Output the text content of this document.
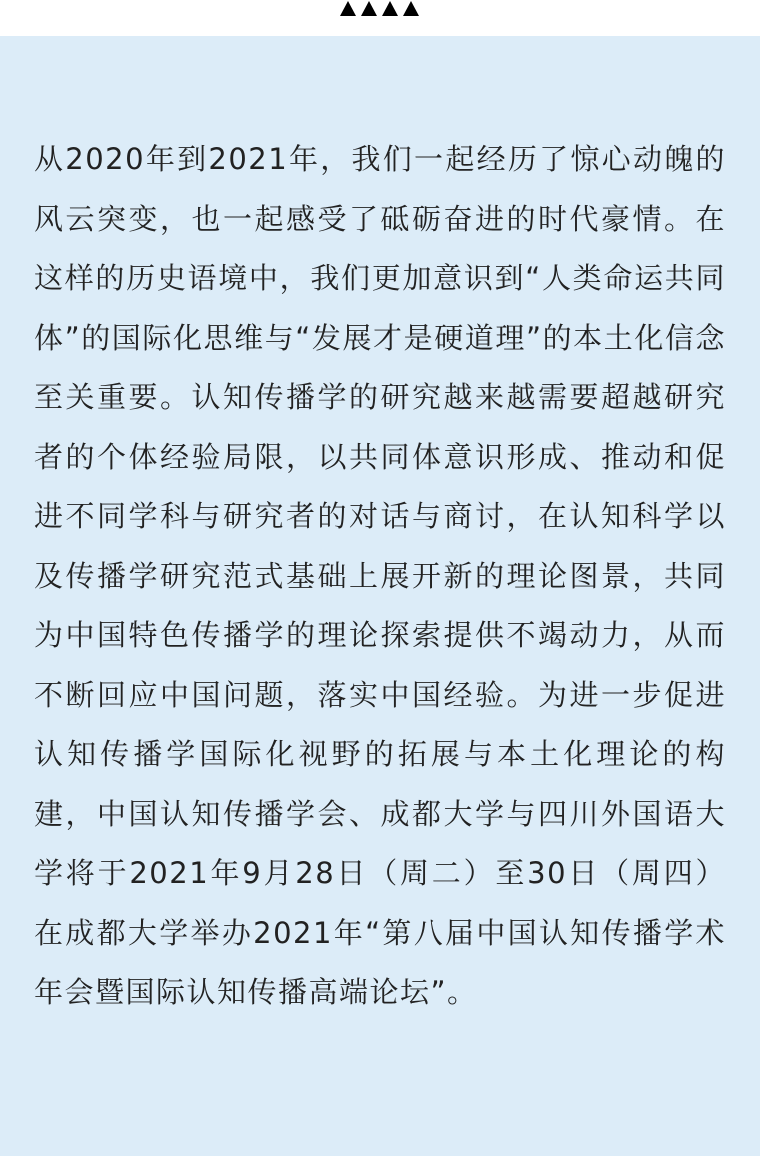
从2020年到2021年，我们一起经历了惊心动魄的风云突变，也一起感受了砥砺奋进的时代豪情。在这样的历史语境中，我们更加意识到“人类命运共同体”的国际化思维与“发展才是硬道理”的本土化信念至关重要。认知传播学的研究越来越需要超越研究者的个体经验局限，以共同体意识形成、推动和促进不同学科与研究者的对话与商讨，在认知科学以及传播学研究范式基础上展开新的理论图景，共同为中国特色传播学的理论探索提供不竭动力，从而不断回应中国问题，落实中国经验。为进一步促进认知传播学国际化视野的拓展与本土化理论的构建，中国认知传播学会、成都大学与四川外国语大学将于2021年9月28日（周二）至30日（周四）在成都大学举办2021年“第八届中国认知传播学术年会暨国际认知传播高端论坛”。
